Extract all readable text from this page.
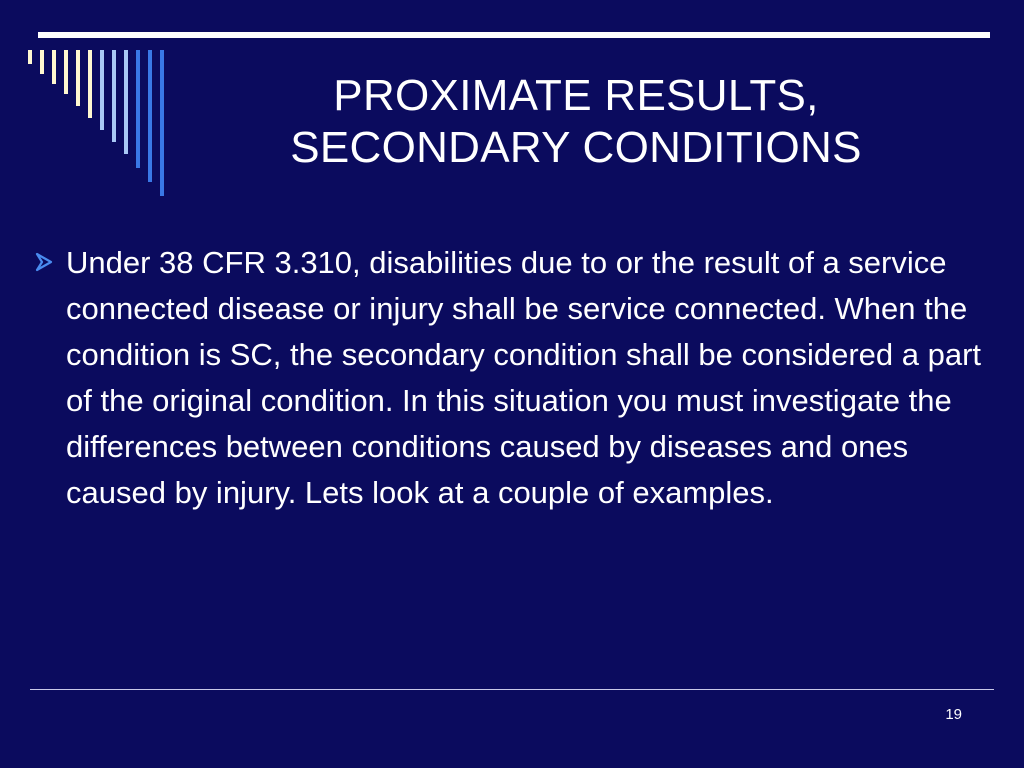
PROXIMATE RESULTS,
SECONDARY CONDITIONS
Under 38 CFR 3.310, disabilities due to or the result of a service connected disease or injury shall be service connected. When the condition is SC, the secondary condition shall be considered a part of the original condition. In this situation you must investigate the differences between conditions caused by diseases and ones caused by injury. Lets look at a couple of examples.
19
